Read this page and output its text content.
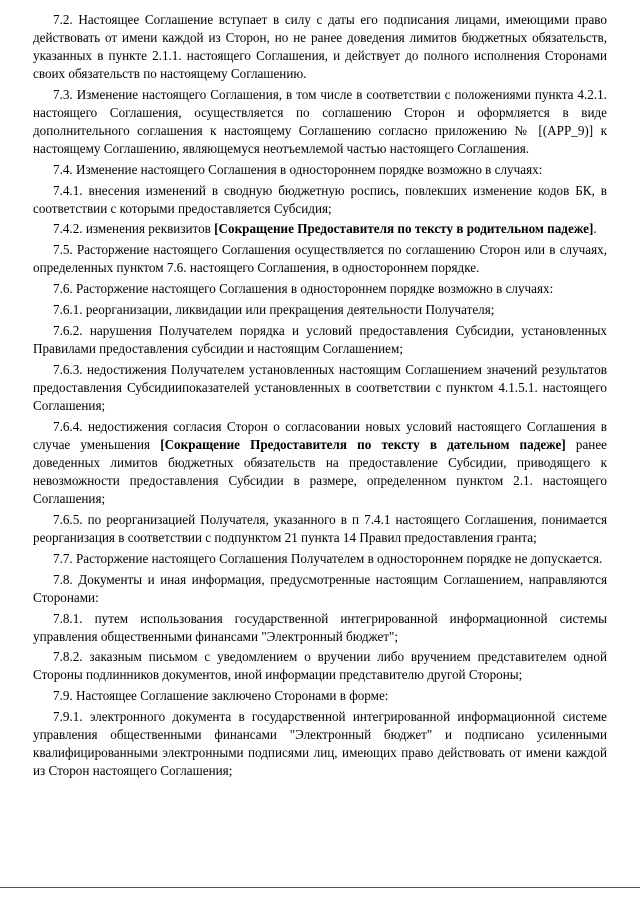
7.2. Настоящее Соглашение вступает в силу с даты его подписания лицами, имеющими право действовать от имени каждой из Сторон, но не ранее доведения лимитов бюджетных обязательств, указанных в пункте 2.1.1. настоящего Соглашения, и действует до полного исполнения Сторонами своих обязательств по настоящему Соглашению.

7.3. Изменение настоящего Соглашения, в том числе в соответствии с положениями пункта 4.2.1. настоящего Соглашения, осуществляется по соглашению Сторон и оформляется в виде дополнительного соглашения к настоящему Соглашению согласно приложению № [(APP_9)] к настоящему Соглашению, являющемуся неотъемлемой частью настоящего Соглашения.

7.4. Изменение настоящего Соглашения в одностороннем порядке возможно в случаях:

7.4.1. внесения изменений в сводную бюджетную роспись, повлекших изменение кодов БК, в соответствии с которыми предоставляется Субсидия;

7.4.2. изменения реквизитов [Сокращение Предоставителя по тексту в родительном падеже].

7.5. Расторжение настоящего Соглашения осуществляется по соглашению Сторон или в случаях, определенных пунктом 7.6. настоящего Соглашения, в одностороннем порядке.

7.6. Расторжение настоящего Соглашения в одностороннем порядке возможно в случаях:

7.6.1. реорганизации, ликвидации или прекращения деятельности Получателя;

7.6.2. нарушения Получателем порядка и условий предоставления Субсидии, установленных Правилами предоставления субсидии и настоящим Соглашением;

7.6.3. недостижения Получателем установленных настоящим Соглашением значений результатов предоставления Субсидиипоказателей установленных в соответствии с пунктом 4.1.5.1. настоящего Соглашения;

7.6.4. недостижения согласия Сторон о согласовании новых условий настоящего Соглашения в случае уменьшения [Сокращение Предоставителя по тексту в дательном падеже] ранее доведенных лимитов бюджетных обязательств на предоставление Субсидии, приводящего к невозможности предоставления Субсидии в размере, определенном пунктом 2.1. настоящего Соглашения;

7.6.5. по реорганизацией Получателя, указанного в п 7.4.1 настоящего Соглашения, понимается реорганизация в соответствии с подпунктом 21 пункта 14 Правил предоставления гранта;

7.7. Расторжение настоящего Соглашения Получателем в одностороннем порядке не допускается.

7.8. Документы и иная информация, предусмотренные настоящим Соглашением, направляются Сторонами:

7.8.1. путем использования государственной интегрированной информационной системы управления общественными финансами "Электронный бюджет";

7.8.2. заказным письмом с уведомлением о вручении либо вручением представителем одной Стороны подлинников документов, иной информации представителю другой Стороны;

7.9. Настоящее Соглашение заключено Сторонами в форме:

7.9.1. электронного документа в государственной интегрированной информационной системе управления общественными финансами "Электронный бюджет" и подписано усиленными квалифицированными электронными подписями лиц, имеющих право действовать от имени каждой из Сторон настоящего Соглашения;
